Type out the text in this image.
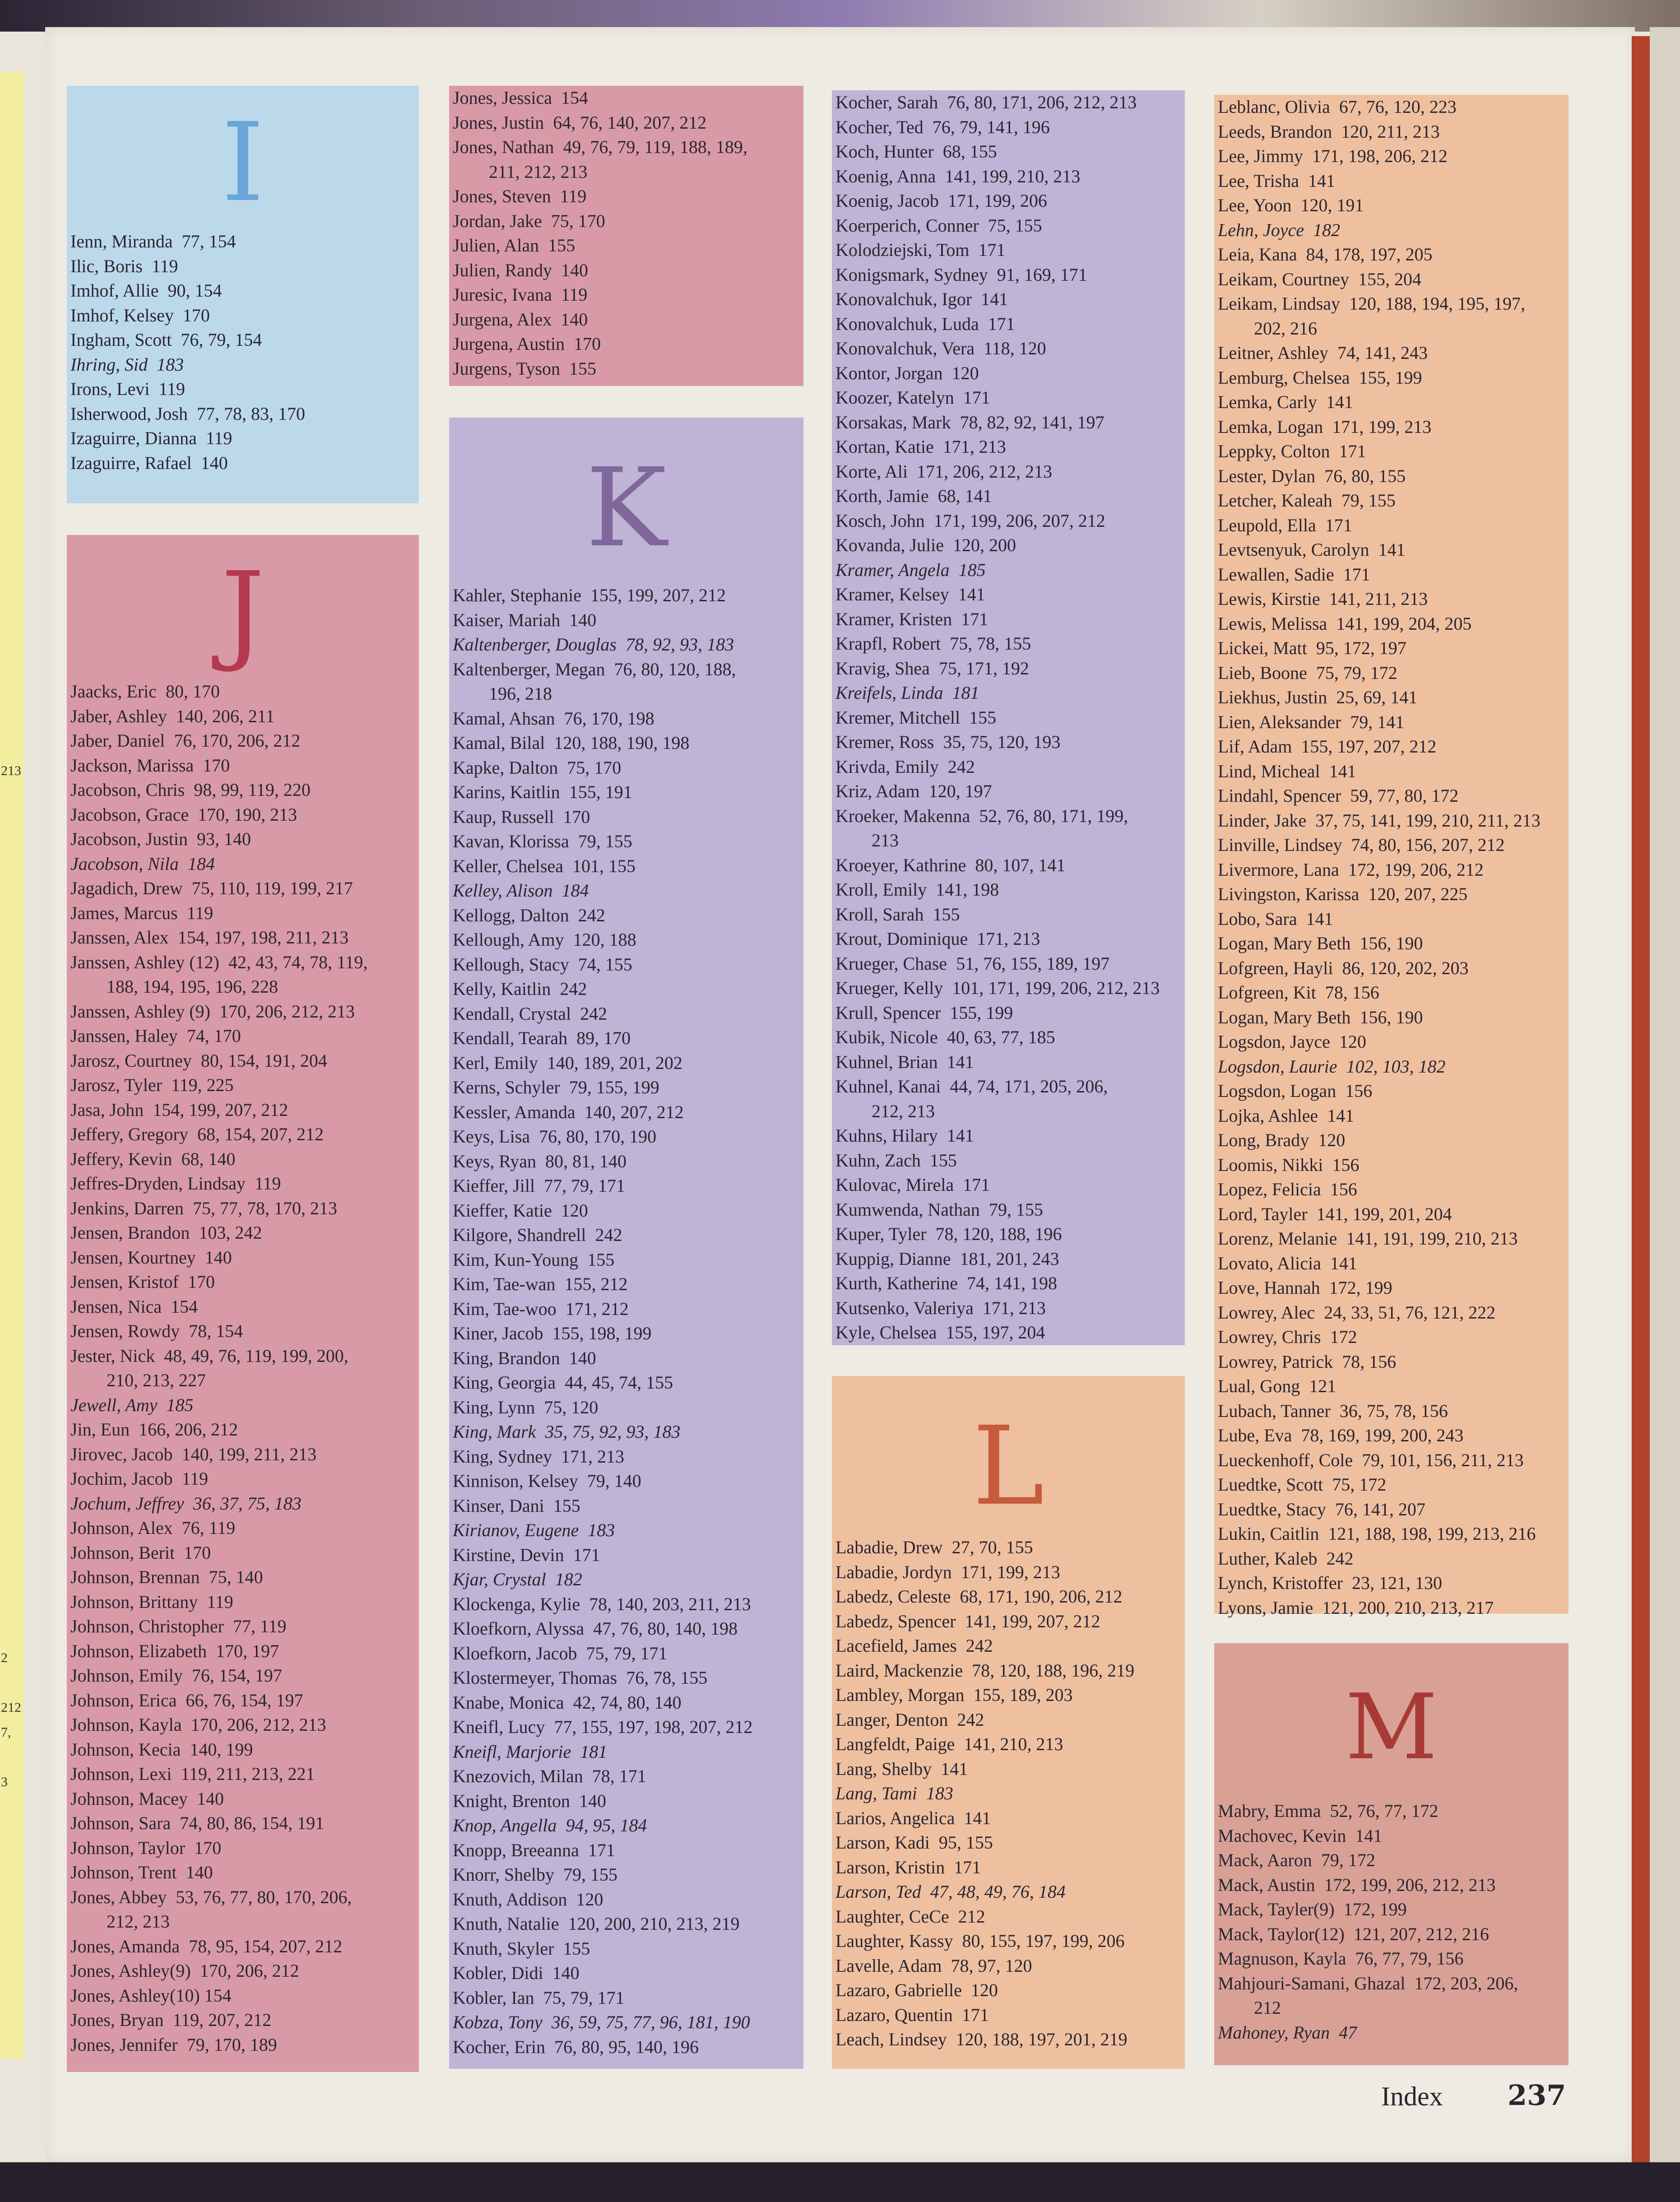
213
2
212
7,
3
I
Ienn, Miranda  77, 154
Ilic, Boris  119
Imhof, Allie  90, 154
Imhof, Kelsey  170
Ingham, Scott  76, 79, 154
Ihring, Sid  183
Irons, Levi  119
Isherwood, Josh  77, 78, 83, 170
Izaguirre, Dianna  119
Izaguirre, Rafael  140
J
Jaacks, Eric  80, 170
Jaber, Ashley  140, 206, 211
Jaber, Daniel  76, 170, 206, 212
Jackson, Marissa  170
Jacobson, Chris  98, 99, 119, 220
Jacobson, Grace  170, 190, 213
Jacobson, Justin  93, 140
Jacobson, Nila  184
Jagadich, Drew  75, 110, 119, 199, 217
James, Marcus  119
Janssen, Alex  154, 197, 198, 211, 213
Janssen, Ashley (12)  42, 43, 74, 78, 119,
188, 194, 195, 196, 228
Janssen, Ashley (9)  170, 206, 212, 213
Janssen, Haley  74, 170
Jarosz, Courtney  80, 154, 191, 204
Jarosz, Tyler  119, 225
Jasa, John  154, 199, 207, 212
Jeffery, Gregory  68, 154, 207, 212
Jeffery, Kevin  68, 140
Jeffres-Dryden, Lindsay  119
Jenkins, Darren  75, 77, 78, 170, 213
Jensen, Brandon  103, 242
Jensen, Kourtney  140
Jensen, Kristof  170
Jensen, Nica  154
Jensen, Rowdy  78, 154
Jester, Nick  48, 49, 76, 119, 199, 200,
210, 213, 227
Jewell, Amy  185
Jin, Eun  166, 206, 212
Jirovec, Jacob  140, 199, 211, 213
Jochim, Jacob  119
Jochum, Jeffrey  36, 37, 75, 183
Johnson, Alex  76, 119
Johnson, Berit  170
Johnson, Brennan  75, 140
Johnson, Brittany  119
Johnson, Christopher  77, 119
Johnson, Elizabeth  170, 197
Johnson, Emily  76, 154, 197
Johnson, Erica  66, 76, 154, 197
Johnson, Kayla  170, 206, 212, 213
Johnson, Kecia  140, 199
Johnson, Lexi  119, 211, 213, 221
Johnson, Macey  140
Johnson, Sara  74, 80, 86, 154, 191
Johnson, Taylor  170
Johnson, Trent  140
Jones, Abbey  53, 76, 77, 80, 170, 206,
212, 213
Jones, Amanda  78, 95, 154, 207, 212
Jones, Ashley(9)  170, 206, 212
Jones, Ashley(10) 154
Jones, Bryan  119, 207, 212
Jones, Jennifer  79, 170, 189
Jones, Jessica  154
Jones, Justin  64, 76, 140, 207, 212
Jones, Nathan  49, 76, 79, 119, 188, 189,
211, 212, 213
Jones, Steven  119
Jordan, Jake  75, 170
Julien, Alan  155
Julien, Randy  140
Juresic, Ivana  119
Jurgena, Alex  140
Jurgena, Austin  170
Jurgens, Tyson  155
K
Kahler, Stephanie  155, 199, 207, 212
Kaiser, Mariah  140
Kaltenberger, Douglas  78, 92, 93, 183
Kaltenberger, Megan  76, 80, 120, 188,
196, 218
Kamal, Ahsan  76, 170, 198
Kamal, Bilal  120, 188, 190, 198
Kapke, Dalton  75, 170
Karins, Kaitlin  155, 191
Kaup, Russell  170
Kavan, Klorissa  79, 155
Keller, Chelsea  101, 155
Kelley, Alison  184
Kellogg, Dalton  242
Kellough, Amy  120, 188
Kellough, Stacy  74, 155
Kelly, Kaitlin  242
Kendall, Crystal  242
Kendall, Tearah  89, 170
Kerl, Emily  140, 189, 201, 202
Kerns, Schyler  79, 155, 199
Kessler, Amanda  140, 207, 212
Keys, Lisa  76, 80, 170, 190
Keys, Ryan  80, 81, 140
Kieffer, Jill  77, 79, 171
Kieffer, Katie  120
Kilgore, Shandrell  242
Kim, Kun-Young  155
Kim, Tae-wan  155, 212
Kim, Tae-woo  171, 212
Kiner, Jacob  155, 198, 199
King, Brandon  140
King, Georgia  44, 45, 74, 155
King, Lynn  75, 120
King, Mark  35, 75, 92, 93, 183
King, Sydney  171, 213
Kinnison, Kelsey  79, 140
Kinser, Dani  155
Kirianov, Eugene  183
Kirstine, Devin  171
Kjar, Crystal  182
Klockenga, Kylie  78, 140, 203, 211, 213
Kloefkorn, Alyssa  47, 76, 80, 140, 198
Kloefkorn, Jacob  75, 79, 171
Klostermeyer, Thomas  76, 78, 155
Knabe, Monica  42, 74, 80, 140
Kneifl, Lucy  77, 155, 197, 198, 207, 212
Kneifl, Marjorie  181
Knezovich, Milan  78, 171
Knight, Brenton  140
Knop, Angella  94, 95, 184
Knopp, Breeanna  171
Knorr, Shelby  79, 155
Knuth, Addison  120
Knuth, Natalie  120, 200, 210, 213, 219
Knuth, Skyler  155
Kobler, Didi  140
Kobler, Ian  75, 79, 171
Kobza, Tony  36, 59, 75, 77, 96, 181, 190
Kocher, Erin  76, 80, 95, 140, 196
Kocher, Sarah  76, 80, 171, 206, 212, 213
Kocher, Ted  76, 79, 141, 196
Koch, Hunter  68, 155
Koenig, Anna  141, 199, 210, 213
Koenig, Jacob  171, 199, 206
Koerperich, Conner  75, 155
Kolodziejski, Tom  171
Konigsmark, Sydney  91, 169, 171
Konovalchuk, Igor  141
Konovalchuk, Luda  171
Konovalchuk, Vera  118, 120
Kontor, Jorgan  120
Koozer, Katelyn  171
Korsakas, Mark  78, 82, 92, 141, 197
Kortan, Katie  171, 213
Korte, Ali  171, 206, 212, 213
Korth, Jamie  68, 141
Kosch, John  171, 199, 206, 207, 212
Kovanda, Julie  120, 200
Kramer, Angela  185
Kramer, Kelsey  141
Kramer, Kristen  171
Krapfl, Robert  75, 78, 155
Kravig, Shea  75, 171, 192
Kreifels, Linda  181
Kremer, Mitchell  155
Kremer, Ross  35, 75, 120, 193
Krivda, Emily  242
Kriz, Adam  120, 197
Kroeker, Makenna  52, 76, 80, 171, 199,
213
Kroeyer, Kathrine  80, 107, 141
Kroll, Emily  141, 198
Kroll, Sarah  155
Krout, Dominique  171, 213
Krueger, Chase  51, 76, 155, 189, 197
Krueger, Kelly  101, 171, 199, 206, 212, 213
Krull, Spencer  155, 199
Kubik, Nicole  40, 63, 77, 185
Kuhnel, Brian  141
Kuhnel, Kanai  44, 74, 171, 205, 206,
212, 213
Kuhns, Hilary  141
Kuhn, Zach  155
Kulovac, Mirela  171
Kumwenda, Nathan  79, 155
Kuper, Tyler  78, 120, 188, 196
Kuppig, Dianne  181, 201, 243
Kurth, Katherine  74, 141, 198
Kutsenko, Valeriya  171, 213
Kyle, Chelsea  155, 197, 204
L
Labadie, Drew  27, 70, 155
Labadie, Jordyn  171, 199, 213
Labedz, Celeste  68, 171, 190, 206, 212
Labedz, Spencer  141, 199, 207, 212
Lacefield, James  242
Laird, Mackenzie  78, 120, 188, 196, 219
Lambley, Morgan  155, 189, 203
Langer, Denton  242
Langfeldt, Paige  141, 210, 213
Lang, Shelby  141
Lang, Tami  183
Larios, Angelica  141
Larson, Kadi  95, 155
Larson, Kristin  171
Larson, Ted  47, 48, 49, 76, 184
Laughter, CeCe  212
Laughter, Kassy  80, 155, 197, 199, 206
Lavelle, Adam  78, 97, 120
Lazaro, Gabrielle  120
Lazaro, Quentin  171
Leach, Lindsey  120, 188, 197, 201, 219
Leblanc, Olivia  67, 76, 120, 223
Leeds, Brandon  120, 211, 213
Lee, Jimmy  171, 198, 206, 212
Lee, Trisha  141
Lee, Yoon  120, 191
Lehn, Joyce  182
Leia, Kana  84, 178, 197, 205
Leikam, Courtney  155, 204
Leikam, Lindsay  120, 188, 194, 195, 197,
202, 216
Leitner, Ashley  74, 141, 243
Lemburg, Chelsea  155, 199
Lemka, Carly  141
Lemka, Logan  171, 199, 213
Leppky, Colton  171
Lester, Dylan  76, 80, 155
Letcher, Kaleah  79, 155
Leupold, Ella  171
Levtsenyuk, Carolyn  141
Lewallen, Sadie  171
Lewis, Kirstie  141, 211, 213
Lewis, Melissa  141, 199, 204, 205
Lickei, Matt  95, 172, 197
Lieb, Boone  75, 79, 172
Liekhus, Justin  25, 69, 141
Lien, Aleksander  79, 141
Lif, Adam  155, 197, 207, 212
Lind, Micheal  141
Lindahl, Spencer  59, 77, 80, 172
Linder, Jake  37, 75, 141, 199, 210, 211, 213
Linville, Lindsey  74, 80, 156, 207, 212
Livermore, Lana  172, 199, 206, 212
Livingston, Karissa  120, 207, 225
Lobo, Sara  141
Logan, Mary Beth  156, 190
Lofgreen, Hayli  86, 120, 202, 203
Lofgreen, Kit  78, 156
Logan, Mary Beth  156, 190
Logsdon, Jayce  120
Logsdon, Laurie  102, 103, 182
Logsdon, Logan  156
Lojka, Ashlee  141
Long, Brady  120
Loomis, Nikki  156
Lopez, Felicia  156
Lord, Tayler  141, 199, 201, 204
Lorenz, Melanie  141, 191, 199, 210, 213
Lovato, Alicia  141
Love, Hannah  172, 199
Lowrey, Alec  24, 33, 51, 76, 121, 222
Lowrey, Chris  172
Lowrey, Patrick  78, 156
Lual, Gong  121
Lubach, Tanner  36, 75, 78, 156
Lube, Eva  78, 169, 199, 200, 243
Lueckenhoff, Cole  79, 101, 156, 211, 213
Luedtke, Scott  75, 172
Luedtke, Stacy  76, 141, 207
Lukin, Caitlin  121, 188, 198, 199, 213, 216
Luther, Kaleb  242
Lynch, Kristoffer  23, 121, 130
Lyons, Jamie  121, 200, 210, 213, 217
M
Mabry, Emma  52, 76, 77, 172
Machovec, Kevin  141
Mack, Aaron  79, 172
Mack, Austin  172, 199, 206, 212, 213
Mack, Tayler(9)  172, 199
Mack, Taylor(12)  121, 207, 212, 216
Magnuson, Kayla  76, 77, 79, 156
Mahjouri-Samani, Ghazal  172, 203, 206,
212
Mahoney, Ryan  47
Index 237
